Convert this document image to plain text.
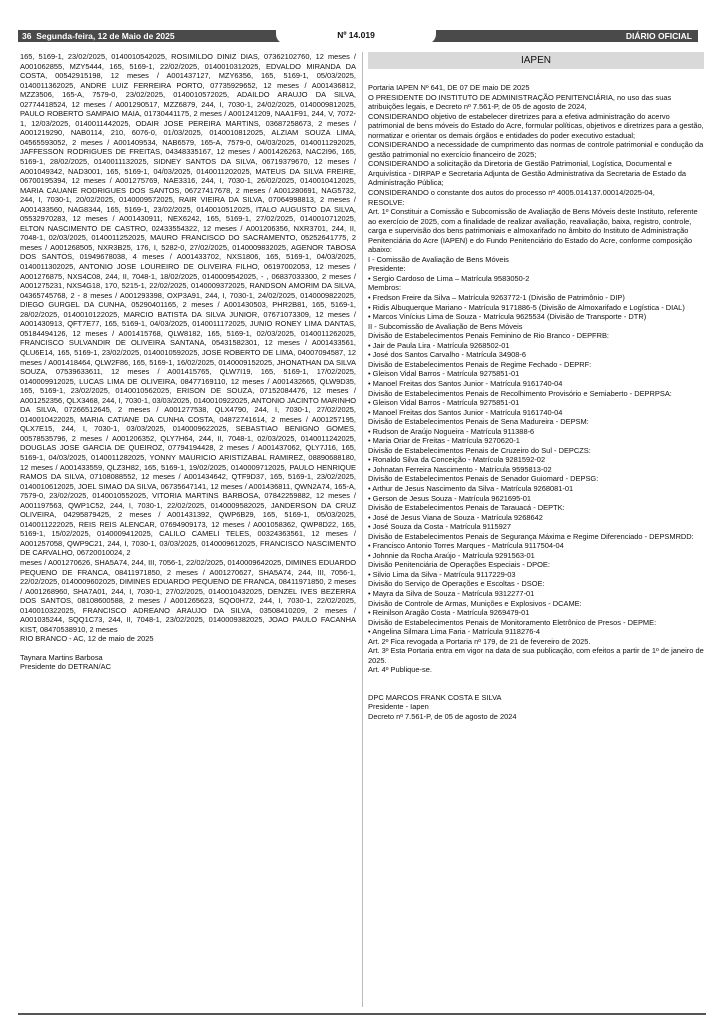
36 Segunda-feira, 12 de Maio de 2025	Nº 14.019	DIÁRIO OFICIAL

165, 5169-1, 23/02/2025, 0140010542025, ROSIMILDO DINIZ DIAS, 07362102760, 12 meses / A001062855, MZY5444, 165, 5169-1, 22/02/2025, 0140010312025, EDVALDO MIRANDA DA COSTA, 00542915198, 12 meses / A001437127, MZY6356, 165, 5169-1, 05/03/2025, 0140011362025, ANDRE LUIZ FERREIRA PORTO, 07735929652, 12 meses / A001436812, MZZ3506, 165-A, 7579-0, 23/02/2025, 0140010572025, ADAILDO ARAUJO DA SILVA, 02774418524, 12 meses / A001290517, MZZ6879, 244, I, 7030-1, 24/02/2025, 0140009812025, PAULO ROBERTO SAMPAIO MAIA, 01730441175, 2 meses / A001241209, NAA1F91, 244, V, 7072-1, 12/03/2025, 0140011442025, ODAIR JOSE PEREIRA MARTINS, 03687258673, 2 meses / A001219290, NAB0114, 210, 6076-0, 01/03/2025, 0140010812025, ALZIAM SOUZA LIMA, 04565593052, 2 meses / A001409534, NAB6579, 165-A, 7579-0, 04/03/2025, 0140011292025, JAFFESSON RODRIGUES DE FREITAS, 04348335167, 12 meses / A001426263, NAC2I96, 165, 5169-1, 28/02/2025, 0140011132025, SIDNEY SANTOS DA SILVA, 06719379670, 12 meses / A001049342, NAD3001, 165, 5169-1, 04/03/2025, 0140011202025, MATEUS DA SILVA FREIRE, 06700195394, 12 meses / A001275769, NAE3316, 244, I, 7030-1, 26/02/2025, 0140010412025, MARIA CAUANE RODRIGUES DOS SANTOS, 06727417678, 2 meses / A001280691, NAG5732, 244, I, 7030-1, 20/02/2025, 0140009572025, RAIR VIEIRA DA SILVA, 07064998813, 2 meses / A001433560, NAG8344, 165, 5169-1, 23/02/2025, 0140010512025, ITALO AUGUSTO DA SILVA, 05532970283, 12 meses / A001430911, NEX6242, 165, 5169-1, 27/02/2025, 0140010712025, ELTON NASCIMENTO DE CASTRO, 02433554322, 12 meses / A001206356, NXR3701, 244, II, 7048-1, 02/03/2025, 0140011252025, MAURO FRANCISCO DO SACRAMENTO, 05252641775, 2 meses / A001268505, NXR3B25, 176, I, 5282-0, 27/02/2025, 0140009832025, AGENOR TABOSA DOS SANTOS, 01949678038, 4 meses / A001433702, NXS1806, 165, 5169-1, 04/03/2025, 0140011302025, ANTONIO JOSE LOUREIRO DE OLIVEIRA FILHO, 06197002053, 12 meses / A001276875, NXS4C08, 244, II, 7048-1, 18/02/2025, 0140009542025, - , 06837033300, 2 meses / A001275231, NXS4G18, 170, 5215-1, 22/02/2025, 0140009372025, RANDSON AMORIM DA SILVA, 04365745768, 2 - 8 meses / A001293398, OXP3A91, 244, I, 7030-1, 24/02/2025, 0140009822025, DIEGO GURGEL DA CUNHA, 05290401165, 2 meses / A001430503, PHR2B81, 165, 5169-1, 28/02/2025, 0140010122025, MARCIO BATISTA DA SILVA JUNIOR, 07671073309, 12 meses / A001430913, QFT7E77, 165, 5169-1, 04/03/2025, 0140011172025, JUNIO RONEY LIMA DANTAS, 05184494126, 12 meses / A001415768, QLW8182, 165, 5169-1, 02/03/2025, 0140011262025, FRANCISCO SULVANDIR DE OLIVEIRA SANTANA, 05431582301, 12 meses / A001433561, QLU6E14, 165, 5169-1, 23/02/2025, 0140010592025, JOSE ROBERTO DE LIMA, 04007094587, 12 meses / A001418464, QLW2F86, 165, 5169-1, 16/02/2025, 0140009152025, JHONATHAN DA SILVA SOUZA, 07539633611, 12 meses / A001415765, QLW7I19, 165, 5169-1, 17/02/2025, 0140009912025, LUCAS LIMA DE OLIVEIRA, 08477169110, 12 meses / A001432665, QLW9D35, 165, 5169-1, 23/02/2025, 0140010562025, ERISON DE SOUZA, 07152084476, 12 meses / A001252356, QLX3468, 244, I, 7030-1, 03/03/2025, 0140010922025, ANTONIO JACINTO MARINHO DA SILVA, 07266512645, 2 meses / A001277538, QLX4790, 244, I, 7030-1, 27/02/2025, 0140010422025, MARIA CATIANE DA CUNHA COSTA, 04872741614, 2 meses / A001257195, QLX7E15, 244, I, 7030-1, 03/03/2025, 0140009622025, SEBASTIAO BENIGNO GOMES, 00578535796, 2 meses / A001206352, QLY7H64, 244, II, 7048-1, 02/03/2025, 0140011242025, DOUGLAS JOSE GARCIA DE QUEIROZ, 07794194428, 2 meses / A001437062, QLY7J16, 165, 5169-1, 04/03/2025, 0140011282025, YONNY MAURICIO ARISTIZABAL RAMIREZ, 08890688180, 12 meses / A001433559, QLZ3H82, 165, 5169-1, 19/02/2025, 0140009712025, PAULO HENRIQUE RAMOS DA SILVA, 07108088552, 12 meses / A001434642, QTF9D37, 165, 5169-1, 23/02/2025, 0140010612025, JOEL SIMAO DA SILVA, 06735647141, 12 meses / A001436811, QWN2A74, 165-A, 7579-0, 23/02/2025, 0140010552025, VITORIA MARTINS BARBOSA, 07842259882, 12 meses / A001197563, QWP1C52, 244, I, 7030-1, 22/02/2025, 0140009582025, JANDERSON DA CRUZ OLIVEIRA, 04295879425, 2 meses / A001431392, QWP6B29, 165, 5169-1, 05/03/2025, 0140011222025, REIS REIS ALENCAR, 07694909173, 12 meses / A001058362, QWP8D22, 165, 5169-1, 15/02/2025, 0140009412025, CALILO CAMELI TELES, 00324363561, 12 meses / A001257058, QWP9C21, 244, I, 7030-1, 03/03/2025, 0140009612025, FRANCISCO NASCIMENTO DE CARVALHO, 06720010024, 2

meses / A001270626, SHA5A74, 244, III, 7056-1, 22/02/2025, 0140009642025, DIMINES EDUARDO PEQUENO DE FRANCA, 08411971850, 2 meses / A001270627, SHA5A74, 244, III, 7056-1, 22/02/2025, 0140009602025, DIMINES EDUARDO PEQUENO DE FRANCA, 08411971850, 2 meses / A001268960, SHA7A01, 244, I, 7030-1, 27/02/2025, 0140010432025, DENZEL IVES BEZERRA DOS SANTOS, 08108600588, 2 meses / A001265623, SQO0H72, 244, I, 7030-1, 22/02/2025, 0140010322025, FRANCISCO ADREANO ARAUJO DA SILVA, 03508410209, 2 meses / A001035244, SQQ1C73, 244, II, 7048-1, 23/02/2025, 0140009382025, JOAO PAULO FACANHA KIST, 08470538910, 2 meses

RIO BRANCO - AC, 12 de maio de 2025

Taynara Martins Barbosa

Presidente do DETRAN/AC

IAPEN

Portaria IAPEN Nº 641, DE 07 DE maio DE 2025

O PRESIDENTE DO INSTITUTO DE ADMINISTRAÇÃO PENITENCIÁRIA, no uso das suas atribuições legais, e Decreto nº 7.561-P, de 05 de agosto de 2024,

CONSIDERANDO objetivo de estabelecer diretrizes para a efetiva administração do acervo patrimonial de bens móveis do Estado do Acre, formular políticas, objetivos e diretrizes para a gestão, normatizar e orientar os demais órgãos e entidades do poder executivo estadual;

CONSIDERANDO a necessidade de cumprimento das normas de controle patrimonial e condução da gestão patrimonial no exercício financeiro de 2025;

CONSIDERANDO a solicitação da Diretoria de Gestão Patrimonial, Logística, Documental e Arquivística - DIRPAP e Secretaria Adjunta de Gestão Administrativa da Secretaria de Estado da Administração Pública;

CONSIDERANDO o constante dos autos do processo nº 4005.014137.00014/2025-04,

RESOLVE:

Art. 1º Constituir a Comissão e Subcomissão de Avaliação de Bens Móveis deste Instituto, referente ao exercício de 2025, com a finalidade de realizar avaliação, reavaliação, baixa, registro, controle, carga e supervisão dos bens patrimoniais e almoxarifado no âmbito do Instituto de Administração Penitenciária do Acre (IAPEN) e do Fundo Penitenciário do Estado do Acre, conforme composição abaixo:

I - Comissão de Avaliação de Bens Móveis

Presidente:

• Sergio Cardoso de Lima – Matrícula 9583050-2

Membros:

• Fredson Freire da Silva – Matrícula 9263772-1 (Divisão de Patrimônio - DIP)

• Ridis Albuquerque Mariano - Matrícula 9171886-5 (Divisão de Almoxarifado e Logística - DIAL)

• Marcos Vinícius Lima de Souza - Matrícula 9625534 (Divisão de Transporte - DTR)

II - Subcomissão de Avaliação de Bens Móveis

Divisão de Estabelecimentos Penais Feminino de Rio Branco - DEPFRB:

• Jair de Paula Lira - Matrícula 9268502-01

• José dos Santos Carvalho - Matrícula 34908-6

Divisão de Estabelecimentos Penais de Regime Fechado - DEPRF:

• Gleison Vidal Barros - Matrícula 9275851-01

• Manoel Freitas dos Santos Junior - Matrícula 9161740-04

Divisão de Estabelecimentos Penais de Recolhimento Provisório e Semiaberto - DEPRPSA:

• Gleison Vidal Barros - Matrícula 9275851-01

• Manoel Freitas dos Santos Junior - Matrícula 9161740-04

Divisão de Estabelecimentos Penais de Sena Madureira - DEPSM:

• Rudson de Araújo Nogueira - Matrícula 911388-6

• Maria Oriar de Freitas - Matrícula 9270620-1

Divisão de Estabelecimentos Penais de Cruzeiro do Sul - DEPCZS:

• Ronaldo Silva da Conceição - Matrícula 9281592-02

• Johnatan Ferreira Nascimento - Matrícula 9595813-02

Divisão de Estabelecimentos Penais de Senador Guiomard - DEPSG:

• Arthur de Jesus Nascimento da Silva - Matrícula 9268081-01

• Gerson de Jesus Souza - Matrícula 9621695-01

Divisão de Estabelecimentos Penais de Tarauacá - DEPTK:

• José de Jesus Viana de Souza - Matrícula 9268642

• José Souza da Costa - Matrícula 9115927

Divisão de Estabelecimentos Penais de Segurança Máxima e Regime Diferenciado - DEPSMRDD:

• Francisco Antonio Torres Marques - Matrícula 9117504-04

• Johnnie da Rocha Araújo - Matrícula 9291563-01

Divisão Penitenciária de Operações Especiais - DPOE:

• Silvio Lima da Silva - Matrícula 9117229-03

Divisão do Serviço de Operações e Escoltas - DSOE:

• Mayra da Silva de Souza - Matrícula 9312277-01

Divisão de Controle de Armas, Munições e Explosivos - DCAME:

• Reinilson Aragão Costa - Matrícula 9269479-01

Divisão de Estabelecimentos Penais de Monitoramento Eletrônico de Presos - DEPME:

• Angelina Silmara Lima Faria - Matrícula 9118276-4

Art. 2º Fica revogada a Portaria nº 179, de 21 de fevereiro de 2025.

Art. 3º Esta Portaria entra em vigor na data de sua publicação, com efeitos a partir de 1º de janeiro de 2025.

Art. 4º Publique-se.

DPC MARCOS FRANK COSTA E SILVA

Presidente - Iapen

Decreto nº 7.561-P, de 05 de agosto de 2024
